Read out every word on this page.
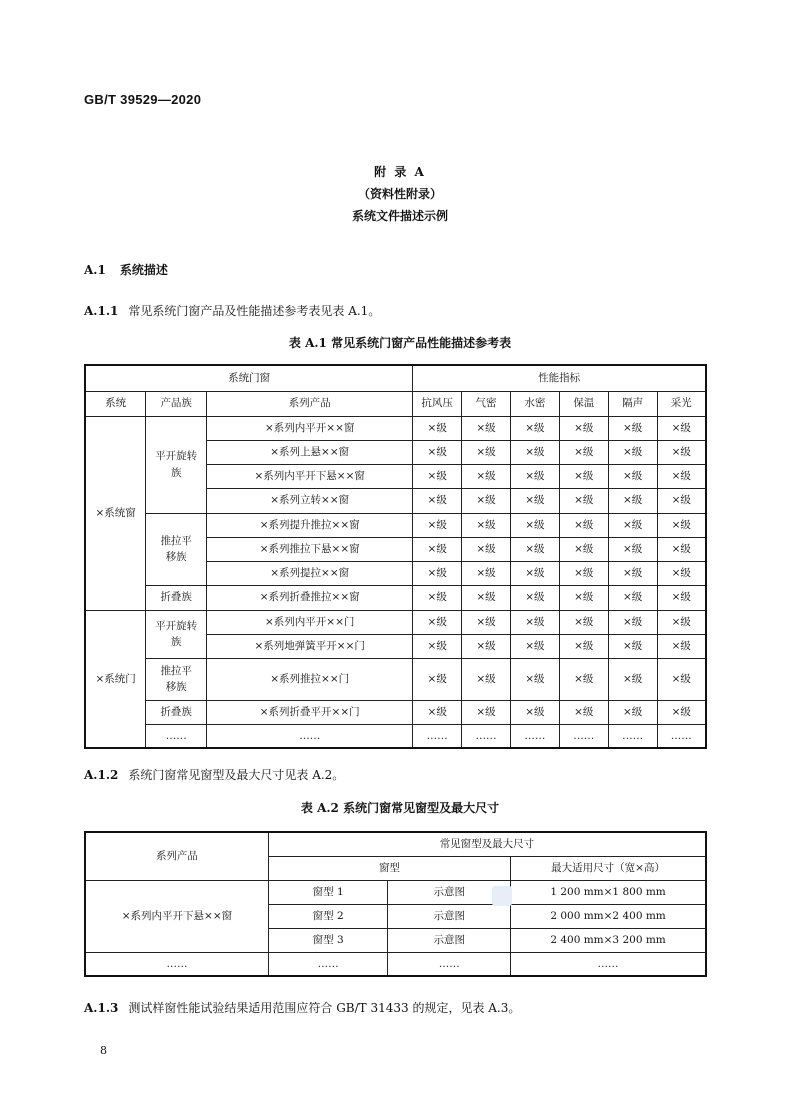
GB/T 39529—2020
附 录 A
（资料性附录）
系统文件描述示例
A.1 系统描述
A.1.1 常见系统门窗产品及性能描述参考表见表 A.1。
表 A.1 常见系统门窗产品性能描述参考表
系统门窗			性能指标					
系统	产品族	系列产品	抗风压	气密	水密	保温	隔声	采光
×系统窗	平开旋转族	×系列内平开××窗	×级	×级	×级	×级	×级	×级
		×系列上悬××窗	×级	×级	×级	×级	×级	×级
		×系列内平开下悬××窗	×级	×级	×级	×级	×级	×级
		×系列立转××窗	×级	×级	×级	×级	×级	×级
	推拉平移族	×系列提升推拉××窗	×级	×级	×级	×级	×级	×级
		×系列推拉下悬××窗	×级	×级	×级	×级	×级	×级
		×系列提拉××窗	×级	×级	×级	×级	×级	×级
	折叠族	×系列折叠推拉××窗	×级	×级	×级	×级	×级	×级
×系统门	平开旋转族	×系列内平开××门	×级	×级	×级	×级	×级	×级
		×系列地弹簧平开××门	×级	×级	×级	×级	×级	×级
	推拉平移族	×系列推拉××门	×级	×级	×级	×级	×级	×级
	折叠族	×系列折叠平开××门	×级	×级	×级	×级	×级	×级
	……	……	……	……	……	……	……	……
A.1.2 系统门窗常见窗型及最大尺寸见表 A.2。
表 A.2 系统门窗常见窗型及最大尺寸
系列产品	常见窗型及最大尺寸		
	窗型		最大适用尺寸（宽×高）
×系列内平开下悬××窗	窗型 1	示意图	1 200 mm×1 800 mm
	窗型 2	示意图	2 000 mm×2 400 mm
	窗型 3	示意图	2 400 mm×3 200 mm
……	……	……	……
A.1.3 测试样窗性能试验结果适用范围应符合 GB/T 31433 的规定，见表 A.3。
8
